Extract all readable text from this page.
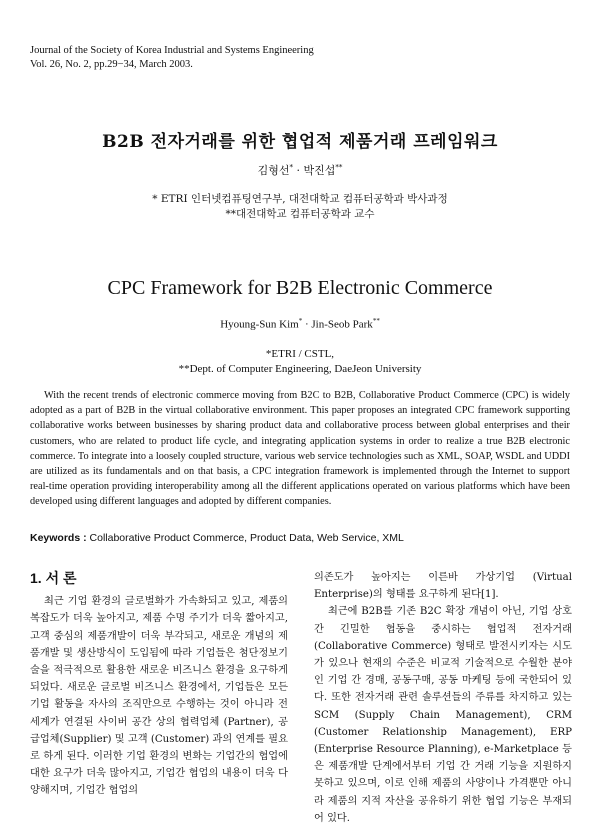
Journal of the Society of Korea Industrial and Systems Engineering
Vol. 26, No. 2, pp.29−34, March 2003.
B2B 전자거래를 위한 협업적 제품거래 프레임워크
김형선* · 박진섭**
* ETRI 인터넷컴퓨팅연구부, 대전대학교 컴퓨터공학과 박사과정
**대전대학교 컴퓨터공학과 교수
CPC Framework for B2B Electronic Commerce
Hyoung-Sun Kim* · Jin-Seob Park**
*ETRI / CSTL,
**Dept. of Computer Engineering, DaeJeon University

With the recent trends of electronic commerce moving from B2C to B2B, Collaborative Product Commerce (CPC) is widely adopted as a part of B2B in the virtual collaborative environment. This paper proposes an integrated CPC framework supporting collaborative works between businesses by sharing product data and collaborative process between global enterprises and their customers, who are related to product life cycle, and integrating application systems in order to realize a true B2B electronic commerce. To integrate into a loosely coupled structure, various web service technologies such as XML, SOAP, WSDL and UDDI are utilized as its fundamentals and on that basis, a CPC integration framework is implemented through the Internet to support real-time operation providing interoperability among all the different applications operated on various platforms which have been developed using different languages and adopted by different companies.

Keywords : Collaborative Product Commerce, Product Data, Web Service, XML
1. 서 론

최근 기업 환경의 글로벌화가 가속화되고 있고, 제품의 복잡도가 더욱 높아지고, 제품 수명 주기가 더욱 짧아지고, 고객 중심의 제품개발이 더욱 부각되고, 새로운 개념의 제품개발 및 생산방식이 도입됨에 따라 기업들은 첨단정보기술을 적극적으로 활용한 새로운 비즈니스 환경을 요구하게 되었다. 새로운 글로벌 비즈니스 환경에서, 기업들은 모든 기업 활동을 자사의 조직만으로 수행하는 것이 아니라 전 세계가 연결된 사이버 공간 상의 협력업체 (Partner), 공급업체(Supplier) 및 고객 (Customer) 과의 연계를 필요로 하게 된다. 이러한 기업 환경의 변화는 기업간의 협업에 대한 요구가 더욱 많아지고, 기업간 협업의 내용이 더욱 다양해지며, 기업간 협업의

의존도가 높아지는 이른바 가상기업 (Virtual Enterprise)의 형태를 요구하게 된다[1].

최근에 B2B를 기존 B2C 확장 개념이 아닌, 기업 상호간 긴밀한 협동을 중시하는 협업적 전자거래(Collaborative Commerce) 형태로 발전시키자는 시도가 있으나 현재의 수준은 비교적 기술적으로 수월한 분야인 기업 간 경매, 공동구매, 공동 마케팅 등에 국한되어 있다. 또한 전자거래 관련 솔루션들의 주류를 차지하고 있는 SCM (Supply Chain Management), CRM (Customer Relationship Management), ERP (Enterprise Resource Planning), e-Marketplace 등은 제품개발 단계에서부터 기업 간 거래 기능을 지원하지 못하고 있으며, 이로 인해 제품의 사양이나 가격뿐만 아니라 제품의 지적 자산을 공유하기 위한 협업 기능은 부재되어 있다.
